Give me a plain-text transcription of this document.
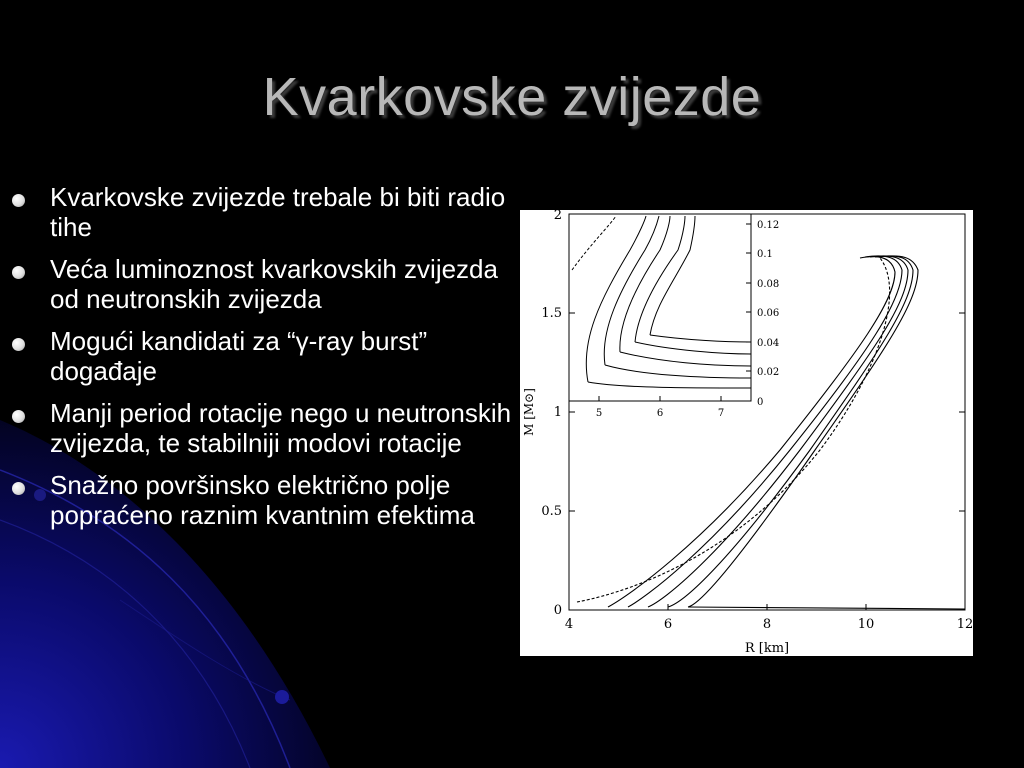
Kvarkovske zvijezde
Kvarkovske zvijezde trebale bi biti radio tihe
Veća luminoznost kvarkovskih zvijezda od neutronskih zvijezda
Mogući kandidati za “γ-ray burst” događaje
Manji period rotacije nego u neutronskih zvijezda, te stabilniji modovi rotacije
Snažno površinsko električno polje popraćeno raznim kvantnim efektima
4	6	8	10	12
0
0.5
1
1.5
2
R [km]
M [M⊙]	5	6	7
0
0.02
0.04
0.06
0.08
0.1
0.12
